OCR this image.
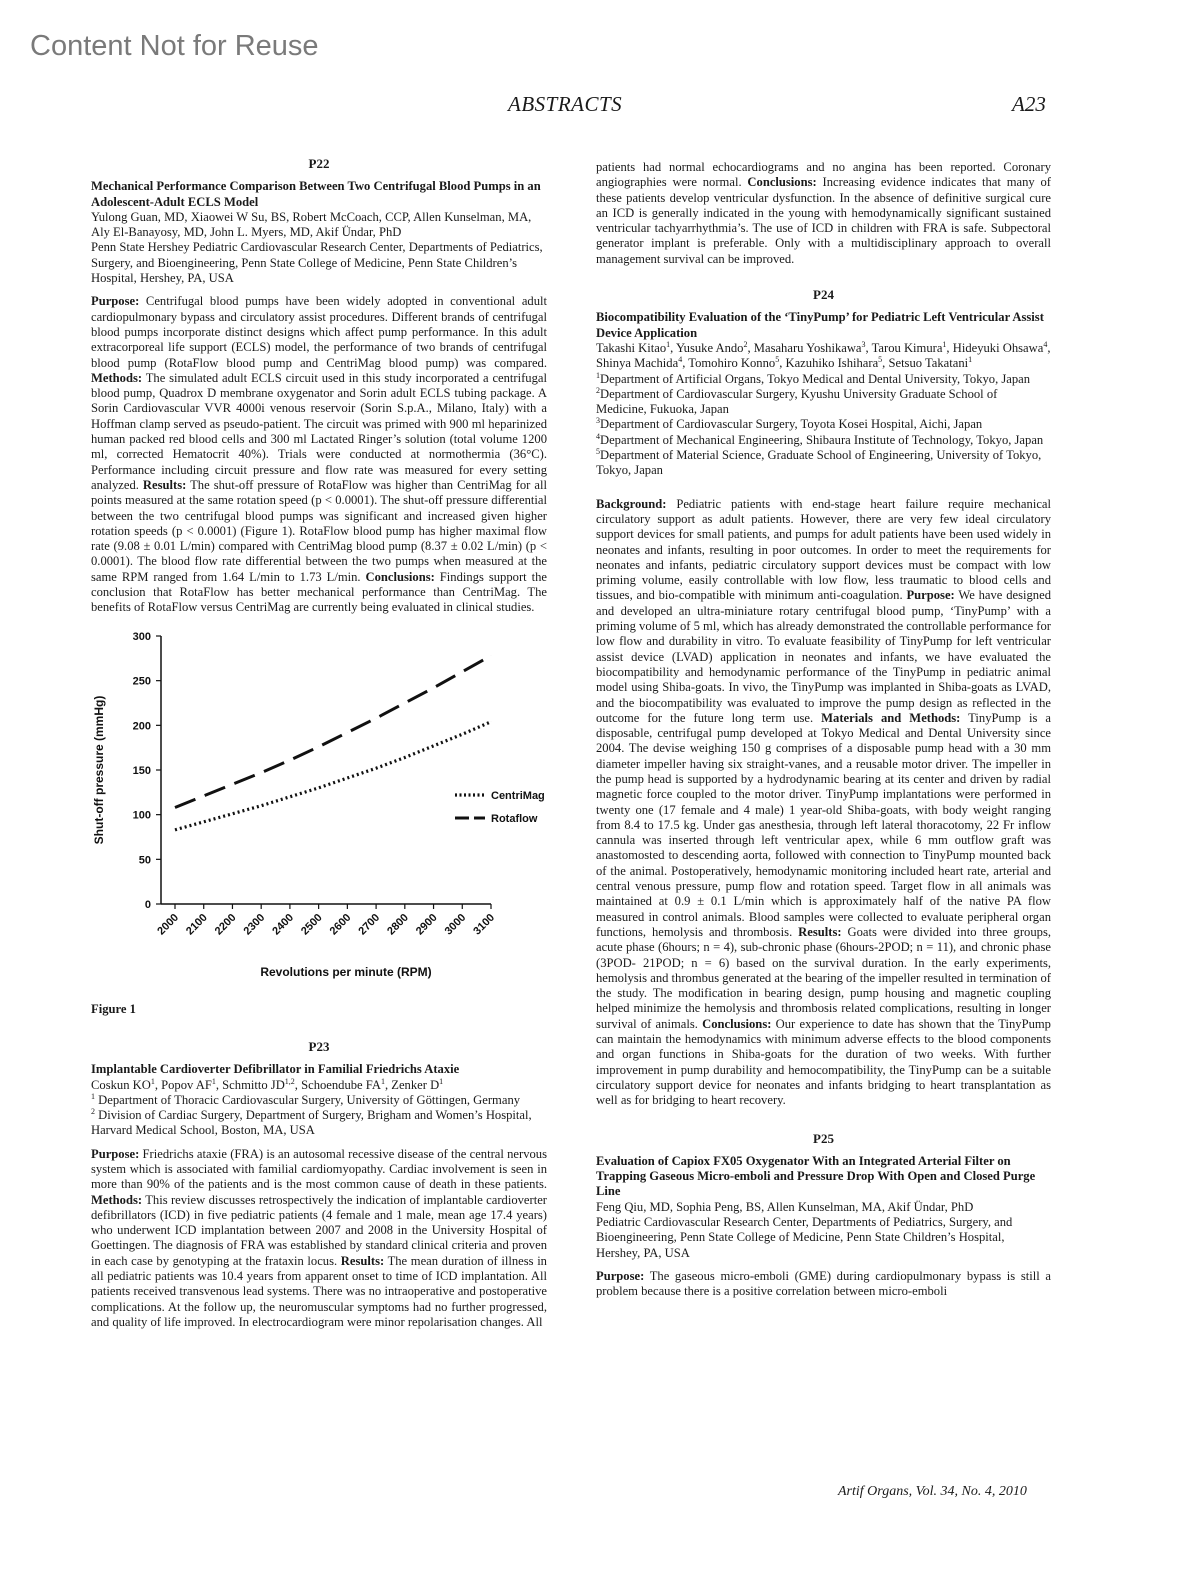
Content Not for Reuse
ABSTRACTS	A23
P22

Mechanical Performance Comparison Between Two Centrifugal Blood Pumps in an Adolescent-Adult ECLS Model

Yulong Guan, MD, Xiaowei W Su, BS, Robert McCoach, CCP, Allen Kunselman, MA, Aly El-Banayosy, MD, John L. Myers, MD, Akif Ündar, PhD

Penn State Hershey Pediatric Cardiovascular Research Center, Departments of Pediatrics, Surgery, and Bioengineering, Penn State College of Medicine, Penn State Children’s Hospital, Hershey, PA, USA

Purpose: Centrifugal blood pumps have been widely adopted in conventional adult cardiopulmonary bypass and circulatory assist procedures. Different brands of centrifugal blood pumps incorporate distinct designs which affect pump performance. In this adult extracorporeal life support (ECLS) model, the performance of two brands of centrifugal blood pump (RotaFlow blood pump and CentriMag blood pump) was compared. Methods: The simulated adult ECLS circuit used in this study incorporated a centrifugal blood pump, Quadrox D membrane oxygenator and Sorin adult ECLS tubing package. A Sorin Cardiovascular VVR 4000i venous reservoir (Sorin S.p.A., Milano, Italy) with a Hoffman clamp served as pseudo-patient. The circuit was primed with 900 ml heparinized human packed red blood cells and 300 ml Lactated Ringer’s solution (total volume 1200 ml, corrected Hematocrit 40%). Trials were conducted at normothermia (36°C). Performance including circuit pressure and flow rate was measured for every setting analyzed. Results: The shut-off pressure of RotaFlow was higher than CentriMag for all points measured at the same rotation speed (p < 0.0001). The shut-off pressure differential between the two centrifugal blood pumps was significant and increased given higher rotation speeds (p < 0.0001) (Figure 1). RotaFlow blood pump has higher maximal flow rate (9.08 ± 0.01 L/min) compared with CentriMag blood pump (8.37 ± 0.02 L/min) (p < 0.0001). The blood flow rate differential between the two pumps when measured at the same RPM ranged from 1.64 L/min to 1.73 L/min. Conclusions: Findings support the conclusion that RotaFlow has better mechanical performance than CentriMag. The benefits of RotaFlow versus CentriMag are currently being evaluated in clinical studies.

0
50
100
150
200
250
300
2000 2100 2200 2300 2400 2500 2600 2700 2800 2900 3000 3100
Revolutions per minute (RPM)
Shut-off pressure (mmHg)	CentriMag
Rotaflow

Figure 1

P23

Implantable Cardioverter Defibrillator in Familial Friedrichs Ataxie

Coskun $KO^1$, Popov $AF^1$, Schmitto JD$^{1,2}$, Schoendube $FA^1$, Zenker $D^1$

$^1$ Department of Thoracic Cardiovascular Surgery, University of Göttingen, Germany

$^2$ Division of Cardiac Surgery, Department of Surgery, Brigham and Women’s Hospital, Harvard Medical School, Boston, MA, USA

Purpose: Friedrichs ataxie (FRA) is an autosomal recessive disease of the central nervous system which is associated with familial cardiomyopathy. Cardiac involvement is seen in more than 90% of the patients and is the most common cause of death in these patients. Methods: This review discusses retrospectively the indication of implantable cardioverter defibrillators (ICD) in five pediatric patients (4 female and 1 male, mean age 17.4 years) who underwent ICD implantation between 2007 and 2008 in the University Hospital of Goettingen. The diagnosis of FRA was established by standard clinical criteria and proven in each case by genotyping at the frataxin locus. Results: The mean duration of illness in all pediatric patients was 10.4 years from apparent onset to time of ICD implantation. All patients received transvenous lead systems. There was no intraoperative and postoperative complications. At the follow up, the neuromuscular symptoms had no further progressed, and quality of life improved. In electrocardiogram were minor repolarisation changes. All

patients had normal echocardiograms and no angina has been reported. Coronary angiographies were normal. Conclusions: Increasing evidence indicates that many of these patients develop ventricular dysfunction. In the absence of definitive surgical cure an ICD is generally indicated in the young with hemodynamically significant sustained ventricular tachyarrhythmia’s. The use of ICD in children with FRA is safe. Subpectoral generator implant is preferable. Only with a multidisciplinary approach to overall management survival can be improved.

P24

Biocompatibility Evaluation of the ‘TinyPump’ for Pediatric Left Ventricular Assist Device Application

Takashi Kitao$^1$, Yusuke Ando$^2$, Masaharu Yoshikawa$^3$, Tarou Kimura$^1$, Hideyuki Ohsawa$^4$, Shinya Machida$^4$, Tomohiro Konno$^5$, Kazuhiko Ishihara$^5$, Setsuo Takatani$^1$

$^1$Department of Artificial Organs, Tokyo Medical and Dental University, Tokyo, Japan

$^2$Department of Cardiovascular Surgery, Kyushu University Graduate School of Medicine, Fukuoka, Japan

$^3$Department of Cardiovascular Surgery, Toyota Kosei Hospital, Aichi, Japan

$^4$Department of Mechanical Engineering, Shibaura Institute of Technology, Tokyo, Japan

$^5$Department of Material Science, Graduate School of Engineering, University of Tokyo, Tokyo, Japan

Background: Pediatric patients with end-stage heart failure require mechanical circulatory support as adult patients. However, there are very few ideal circulatory support devices for small patients, and pumps for adult patients have been used widely in neonates and infants, resulting in poor outcomes. In order to meet the requirements for neonates and infants, pediatric circulatory support devices must be compact with low priming volume, easily controllable with low flow, less traumatic to blood cells and tissues, and bio-compatible with minimum anti-coagulation. Purpose: We have designed and developed an ultra-miniature rotary centrifugal blood pump, ‘TinyPump’ with a priming volume of 5 ml, which has already demonstrated the controllable performance for low flow and durability in vitro. To evaluate feasibility of TinyPump for left ventricular assist device (LVAD) application in neonates and infants, we have evaluated the biocompatibility and hemodynamic performance of the TinyPump in pediatric animal model using Shiba-goats. In vivo, the TinyPump was implanted in Shiba-goats as LVAD, and the biocompatibility was evaluated to improve the pump design as reflected in the outcome for the future long term use. Materials and Methods: TinyPump is a disposable, centrifugal pump developed at Tokyo Medical and Dental University since 2004. The devise weighing 150 g comprises of a disposable pump head with a 30 mm diameter impeller having six straight-vanes, and a reusable motor driver. The impeller in the pump head is supported by a hydrodynamic bearing at its center and driven by radial magnetic force coupled to the motor driver. TinyPump implantations were performed in twenty one (17 female and 4 male) 1 year-old Shiba-goats, with body weight ranging from 8.4 to 17.5 kg. Under gas anesthesia, through left lateral thoracotomy, 22 Fr inflow cannula was inserted through left ventricular apex, while 6 mm outflow graft was anastomosted to descending aorta, followed with connection to TinyPump mounted back of the animal. Postoperatively, hemodynamic monitoring included heart rate, arterial and central venous pressure, pump flow and rotation speed. Target flow in all animals was maintained at 0.9 ± 0.1 L/min which is approximately half of the native PA flow measured in control animals. Blood samples were collected to evaluate peripheral organ functions, hemolysis and thrombosis. Results: Goats were divided into three groups, acute phase (6hours; n = 4), sub-chronic phase (6hours-2POD; n = 11), and chronic phase (3POD- 21POD; n = 6) based on the survival duration. In the early experiments, hemolysis and thrombus generated at the bearing of the impeller resulted in termination of the study. The modification in bearing design, pump housing and magnetic coupling helped minimize the hemolysis and thrombosis related complications, resulting in longer survival of animals. Conclusions: Our experience to date has shown that the TinyPump can maintain the hemodynamics with minimum adverse effects to the blood components and organ functions in Shiba-goats for the duration of two weeks. With further improvement in pump durability and hemocompatibility, the TinyPump can be a suitable circulatory support device for neonates and infants bridging to heart transplantation as well as for bridging to heart recovery.

P25

Evaluation of Capiox FX05 Oxygenator With an Integrated Arterial Filter on Trapping Gaseous Micro-emboli and Pressure Drop With Open and Closed Purge Line

Feng Qiu, MD, Sophia Peng, BS, Allen Kunselman, MA, Akif Ündar, PhD

Pediatric Cardiovascular Research Center, Departments of Pediatrics, Surgery, and Bioengineering, Penn State College of Medicine, Penn State Children’s Hospital, Hershey, PA, USA

Purpose: The gaseous micro-emboli (GME) during cardiopulmonary bypass is still a problem because there is a positive correlation between micro-emboli

Artif Organs, Vol. 34, No. 4, 2010
